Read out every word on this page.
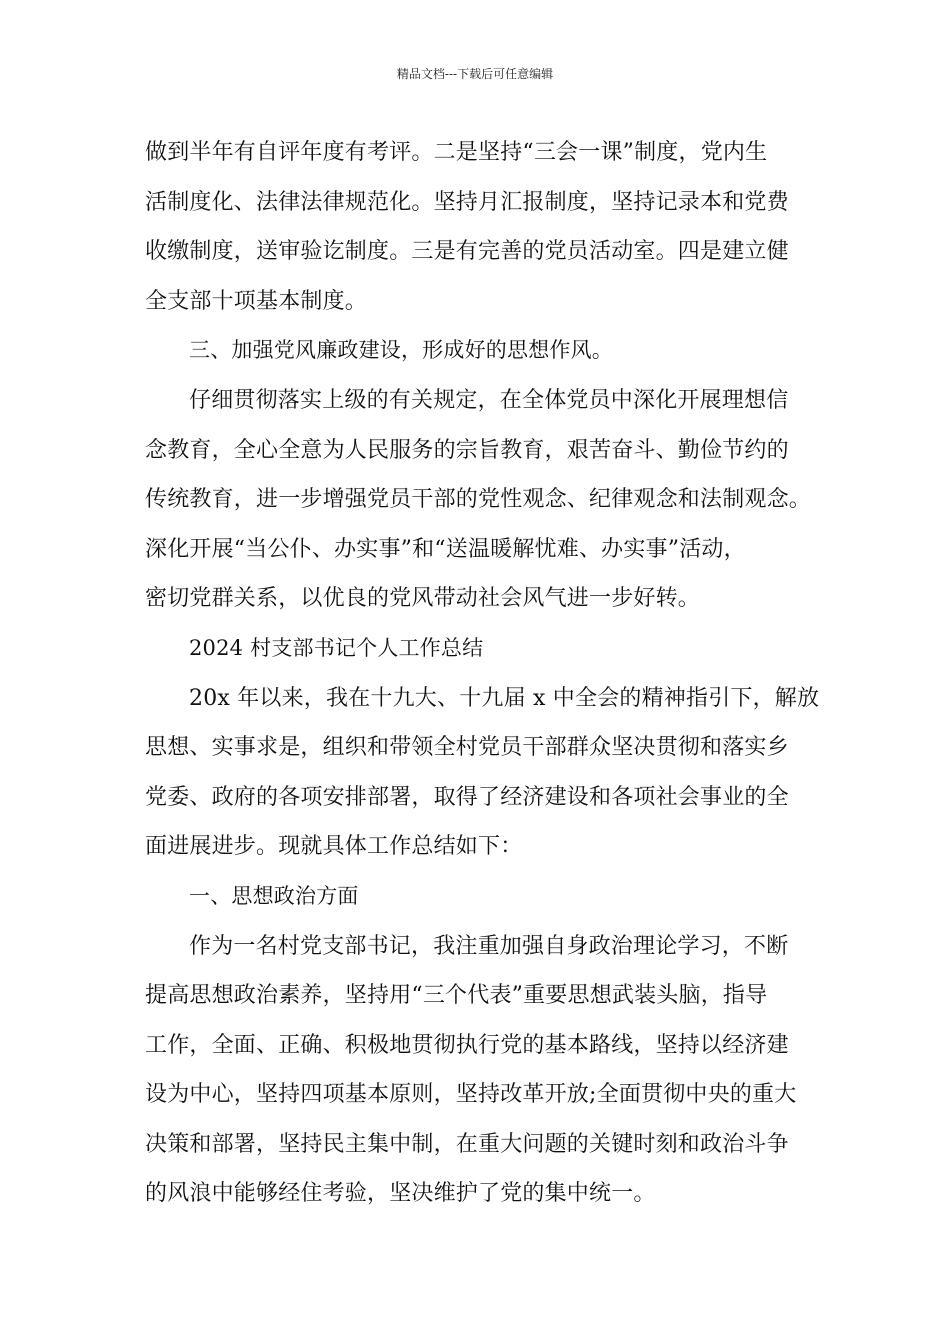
精品文档---下载后可任意编辑
做到半年有自评年度有考评。二是坚持“三会一课”制度，党内生
活制度化、法律法律规范化。坚持月汇报制度，坚持记录本和党费
收缴制度，送审验讫制度。三是有完善的党员活动室。四是建立健
全支部十项基本制度。
三、加强党风廉政建设，形成好的思想作风。
仔细贯彻落实上级的有关规定，在全体党员中深化开展理想信
念教育，全心全意为人民服务的宗旨教育，艰苦奋斗、勤俭节约的
传统教育，进一步增强党员干部的党性观念、纪律观念和法制观念。
深化开展“当公仆、办实事”和“送温暖解忧难、办实事”活动，
密切党群关系，以优良的党风带动社会风气进一步好转。
2024 村支部书记个人工作总结
20x 年以来，我在十九大、十九届 x 中全会的精神指引下，解放
思想、实事求是，组织和带领全村党员干部群众坚决贯彻和落实乡
党委、政府的各项安排部署，取得了经济建设和各项社会事业的全
面进展进步。现就具体工作总结如下：
一、思想政治方面
作为一名村党支部书记，我注重加强自身政治理论学习，不断
提高思想政治素养，坚持用“三个代表”重要思想武装头脑，指导
工作，全面、正确、积极地贯彻执行党的基本路线，坚持以经济建
设为中心，坚持四项基本原则，坚持改革开放;全面贯彻中央的重大
决策和部署，坚持民主集中制，在重大问题的关键时刻和政治斗争
的风浪中能够经住考验，坚决维护了党的集中统一。
